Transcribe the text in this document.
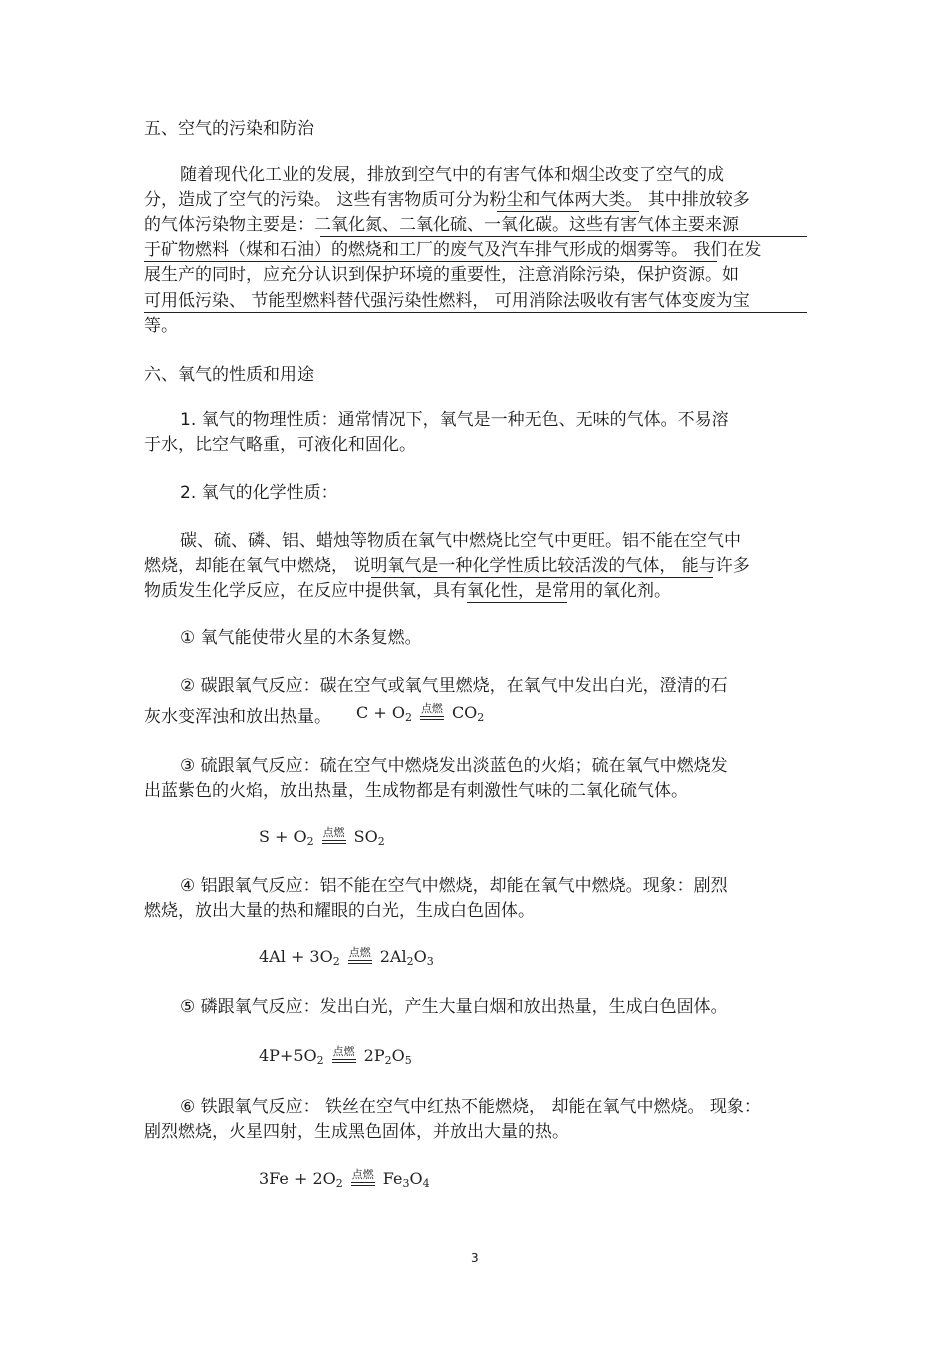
五、空气的污染和防治
随着现代化工业的发展，排放到空气中的有害气体和烟尘改变了空气的成
分，造成了空气的污染。 这些有害物质可分为粉尘和气体两大类。 其中排放较多
的气体污染物主要是：二氧化氮、二氧化硫、一氧化碳。这些有害气体主要来源
于矿物燃料（煤和石油）的燃烧和工厂的废气及汽车排气形成的烟雾等。 我们在发
展生产的同时，应充分认识到保护环境的重要性，注意消除污染，保护资源。如
可用低污染、 节能型燃料替代强污染性燃料， 可用消除法吸收有害气体变废为宝
等。
六、氧气的性质和用途
1. 氧气的物理性质：通常情况下，氧气是一种无色、无味的气体。不易溶
于水，比空气略重，可液化和固化。
2. 氧气的化学性质：
碳、硫、磷、铝、蜡烛等物质在氧气中燃烧比空气中更旺。铝不能在空气中
燃烧，却能在氧气中燃烧， 说明氧气是一种化学性质比较活泼的气体， 能与许多
物质发生化学反应，在反应中提供氧，具有氧化性，是常用的氧化剂。
① 氧气能使带火星的木条复燃。
② 碳跟氧气反应：碳在空气或氧气里燃烧，在氧气中发出白光，澄清的石
灰水变浑浊和放出热量。 $C + O_2$点燃 $CO_2$
③ 硫跟氧气反应：硫在空气中燃烧发出淡蓝色的火焰；硫在氧气中燃烧发
出蓝紫色的火焰，放出热量，生成物都是有刺激性气味的二氧化硫气体。
$S + O_2$点燃 $SO_2$
④ 铝跟氧气反应：铝不能在空气中燃烧，却能在氧气中燃烧。现象：剧烈
燃烧，放出大量的热和耀眼的白光，生成白色固体。
$4Al + 3O_2$点燃 $2Al_2O_3$
⑤ 磷跟氧气反应：发出白光，产生大量白烟和放出热量，生成白色固体。
$4P+5O_2$点燃 $2P_2O_5$
⑥ 铁跟氧气反应： 铁丝在空气中红热不能燃烧， 却能在氧气中燃烧。 现象：
剧烈燃烧，火星四射，生成黑色固体，并放出大量的热。
$3Fe + 2O_2$点燃 $Fe_3O_4$
3
